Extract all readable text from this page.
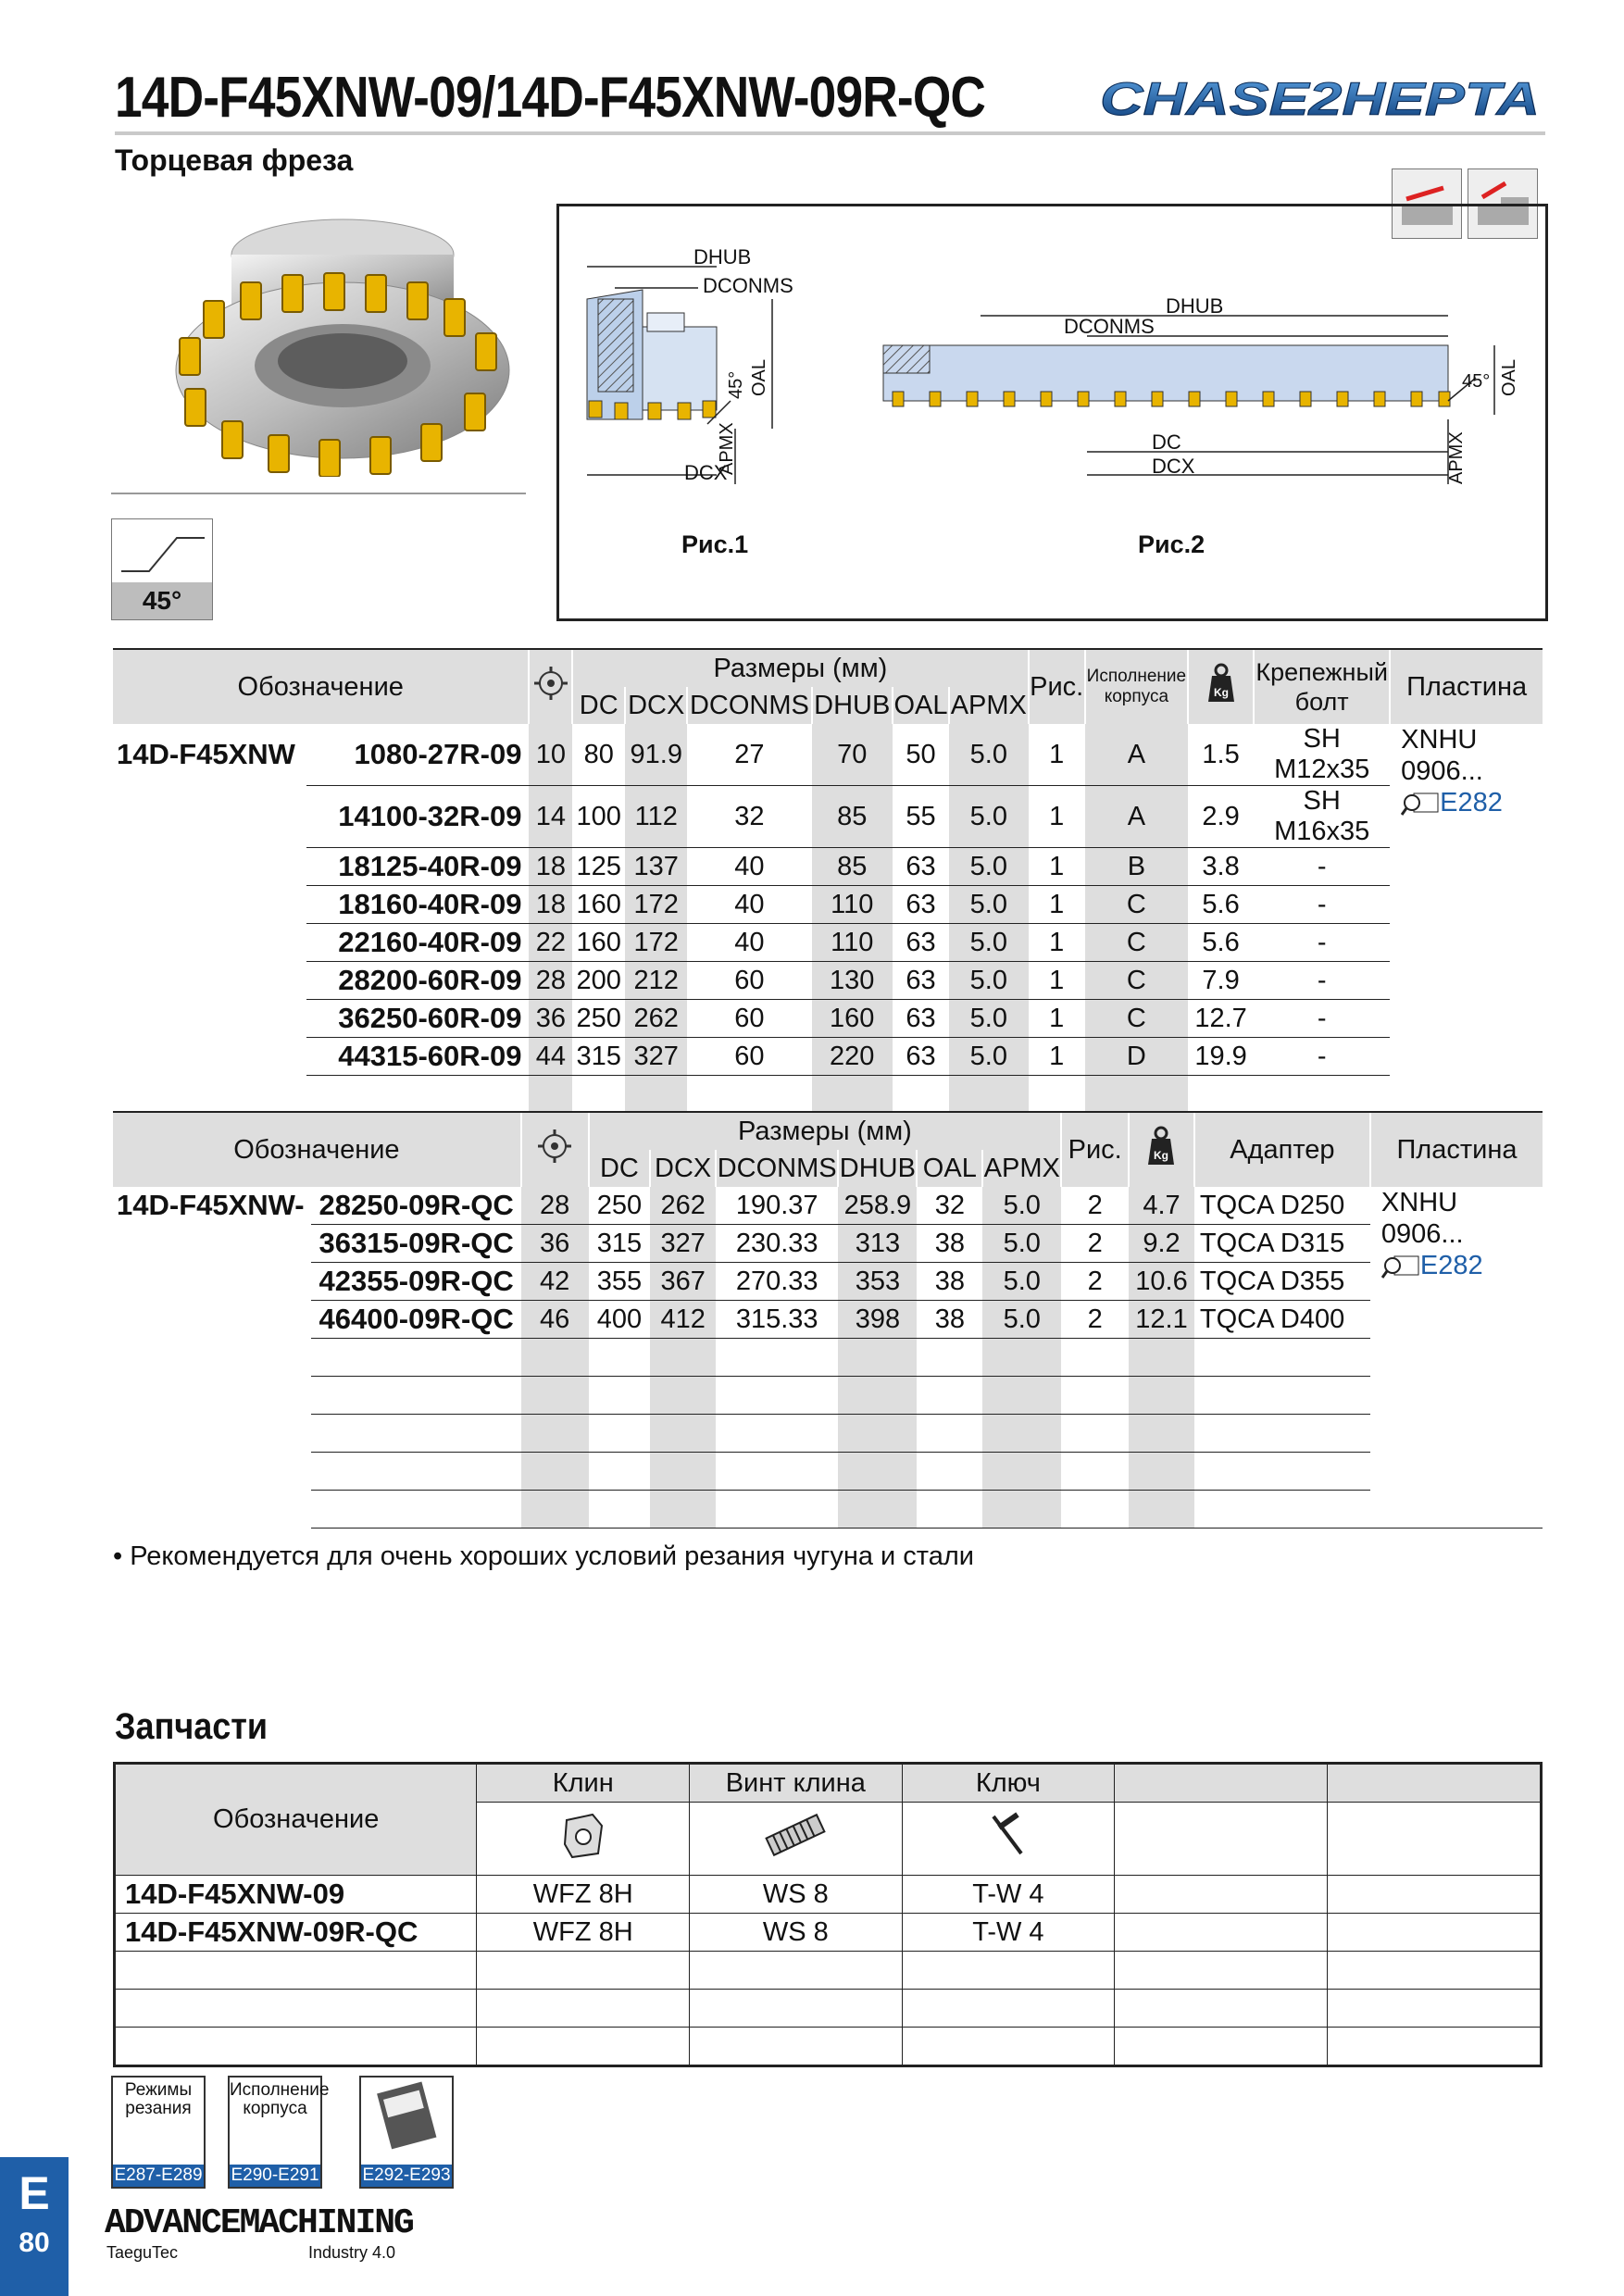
14D-F45XNW-09/14D-F45XNW-09R-QC
Торцевая фреза
CHASE2HEPTA
45°
DHUB
DCONMS
DCX
APMX
OAL
45°
DHUB
DCONMS
DC
DCX	APMX
OAL
45°
Рис.1	Рис.2
Обозначение			Размеры (мм)						Рис.	Исполнение корпуса	Kg	Крепежный болт	Пластина
			DC	DCX	DCONMS	DHUB	OAL	APMX					
14D-F45XNW	1080-27R-09	10	80	91.9	27	70	50	5.0	1	A	1.5	SH M12x35	XNHU
0906...
E282

	14100-32R-09	14	100	112	32	85	55	5.0	1	A	2.9	SH M16x35	
	18125-40R-09	18	125	137	40	85	63	5.0	1	B	3.8	-	
	18160-40R-09	18	160	172	40	110	63	5.0	1	C	5.6	-	
	22160-40R-09	22	160	172	40	110	63	5.0	1	C	5.6	-	
	28200-60R-09	28	200	212	60	130	63	5.0	1	C	7.9	-	
	36250-60R-09	36	250	262	60	160	63	5.0	1	C	12.7	-	
	44315-60R-09	44	315	327	60	220	63	5.0	1	D	19.9	-	

Обозначение			Размеры (мм)						Рис.	Kg	Адаптер	Пластина
			DC	DCX	DCONMS	DHUB	OAL	APMX				
14D-F45XNW-	28250-09R-QC	28	250	262	190.37	258.9	32	5.0	2	4.7	TQCA D250	XNHU
0906...
E282

	36315-09R-QC	36	315	327	230.33	313	38	5.0	2	9.2	TQCA D315	
	42355-09R-QC	42	355	367	270.33	353	38	5.0	2	10.6	TQCA D355	
	46400-09R-QC	46	400	412	315.33	398	38	5.0	2	12.1	TQCA D400	

• Рекомендуется для очень хороших условий резания чугуна и стали
Запчасти
Обозначение	Клин	Винт клина	Ключ		

14D-F45XNW-09	WFZ 8H	WS 8	T-W 4		
14D-F45XNW-09R-QC	WFZ 8H	WS 8	T-W 4		

Режимы резания
E287-E289
Исполнение корпуса
E290-E291 E292-E293
E
80	ADVANCEMACHINING
TaeguTec	Industry 4.0
